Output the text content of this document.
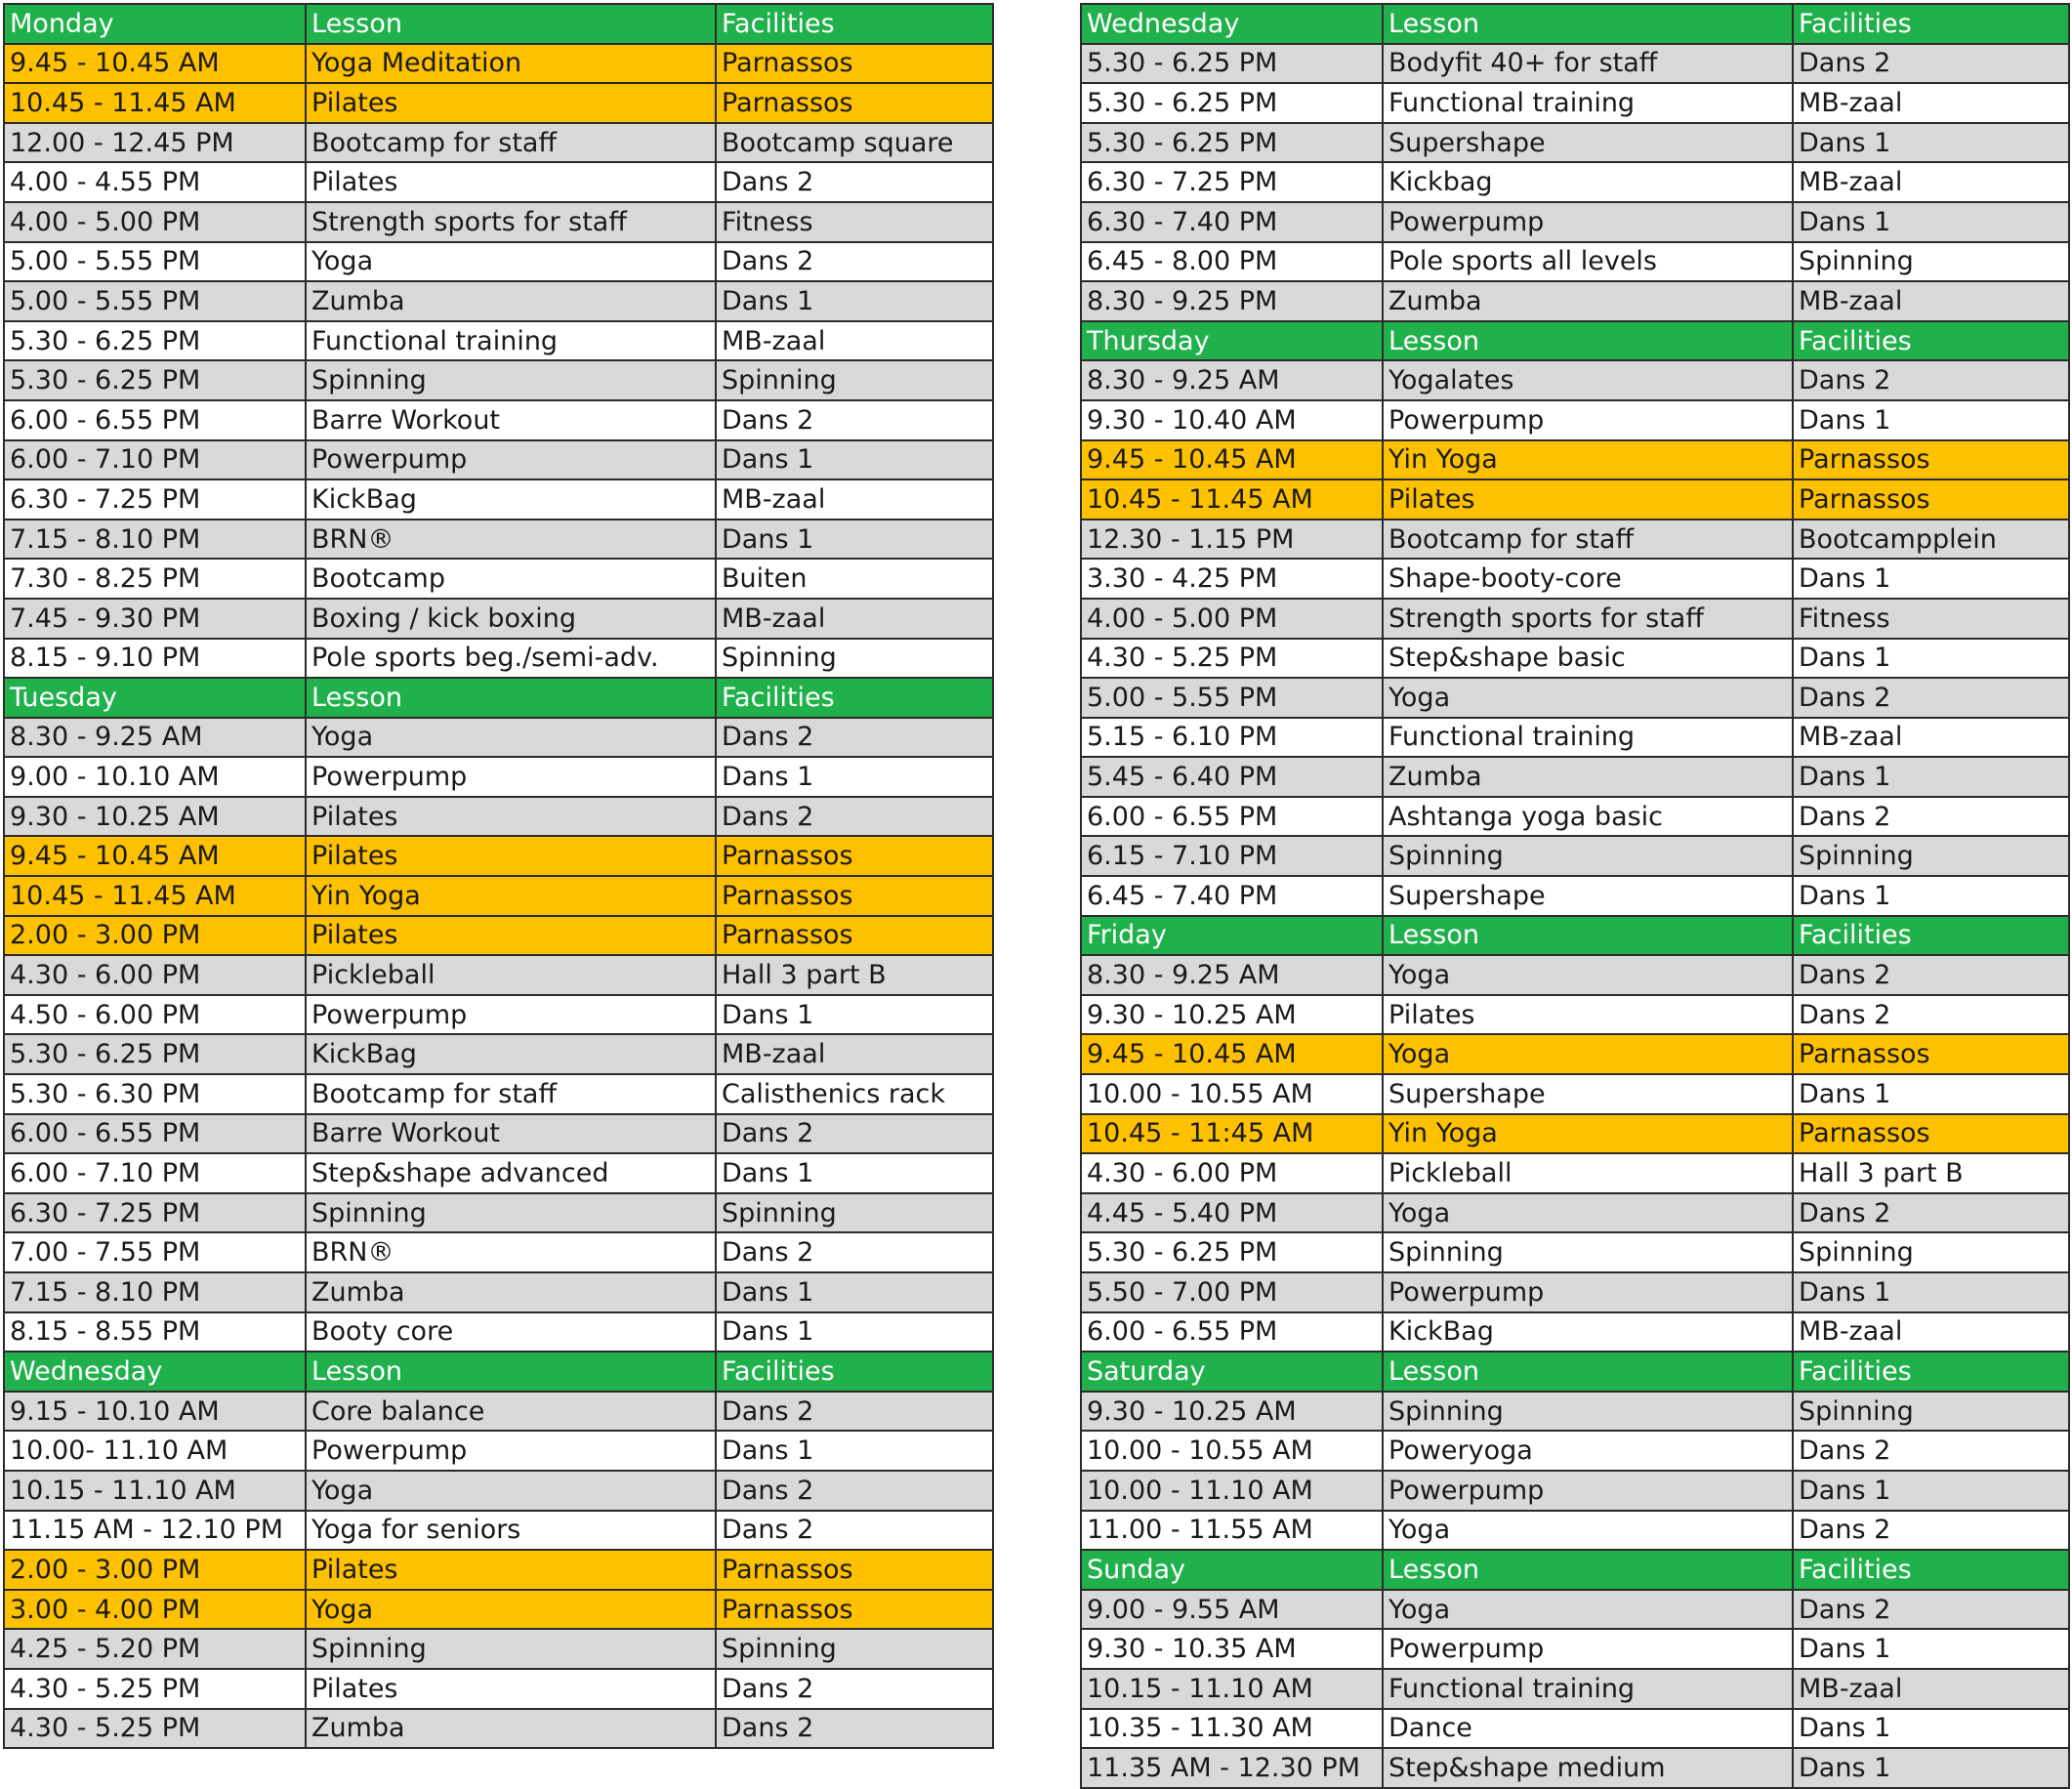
Monday	Lesson	Facilities
9.45 - 10.45 AM	Yoga Meditation	Parnassos
10.45 - 11.45 AM	Pilates	Parnassos
12.00 - 12.45 PM	Bootcamp for staff	Bootcamp square
4.00 - 4.55 PM	Pilates	Dans 2
4.00 - 5.00 PM	Strength sports for staff	Fitness
5.00 - 5.55 PM	Yoga	Dans 2
5.00 - 5.55 PM	Zumba	Dans 1
5.30 - 6.25 PM	Functional training	MB-zaal
5.30 - 6.25 PM	Spinning	Spinning
6.00 - 6.55 PM	Barre Workout	Dans 2
6.00 - 7.10 PM	Powerpump	Dans 1
6.30 - 7.25 PM	KickBag	MB-zaal
7.15 - 8.10 PM	BRN®	Dans 1
7.30 - 8.25 PM	Bootcamp	Buiten
7.45 - 9.30 PM	Boxing / kick boxing	MB-zaal
8.15 - 9.10 PM	Pole sports beg./semi-adv.	Spinning
Tuesday	Lesson	Facilities
8.30 - 9.25 AM	Yoga	Dans 2
9.00 - 10.10 AM	Powerpump	Dans 1
9.30 - 10.25 AM	Pilates	Dans 2
9.45 - 10.45 AM	Pilates	Parnassos
10.45 - 11.45 AM	Yin Yoga	Parnassos
2.00 - 3.00 PM	Pilates	Parnassos
4.30 - 6.00 PM	Pickleball	Hall 3 part B
4.50 - 6.00 PM	Powerpump	Dans 1
5.30 - 6.25 PM	KickBag	MB-zaal
5.30 - 6.30 PM	Bootcamp for staff	Calisthenics rack
6.00 - 6.55 PM	Barre Workout	Dans 2
6.00 - 7.10 PM	Step&shape advanced	Dans 1
6.30 - 7.25 PM	Spinning	Spinning
7.00 - 7.55 PM	BRN®	Dans 2
7.15 - 8.10 PM	Zumba	Dans 1
8.15 - 8.55 PM	Booty core	Dans 1
Wednesday	Lesson	Facilities
9.15 - 10.10 AM	Core balance	Dans 2
10.00- 11.10 AM	Powerpump	Dans 1
10.15 - 11.10 AM	Yoga	Dans 2
11.15 AM - 12.10 PM	Yoga for seniors	Dans 2
2.00 - 3.00 PM	Pilates	Parnassos
3.00 - 4.00 PM	Yoga	Parnassos
4.25 - 5.20 PM	Spinning	Spinning
4.30 - 5.25 PM	Pilates	Dans 2
4.30 - 5.25 PM	Zumba	Dans 2
Wednesday	Lesson	Facilities
5.30 - 6.25 PM	Bodyfit 40+ for staff	Dans 2
5.30 - 6.25 PM	Functional training	MB-zaal
5.30 - 6.25 PM	Supershape	Dans 1
6.30 - 7.25 PM	Kickbag	MB-zaal
6.30 - 7.40 PM	Powerpump	Dans 1
6.45 - 8.00 PM	Pole sports all levels	Spinning
8.30 - 9.25 PM	Zumba	MB-zaal
Thursday	Lesson	Facilities
8.30 - 9.25 AM	Yogalates	Dans 2
9.30 - 10.40 AM	Powerpump	Dans 1
9.45 - 10.45 AM	Yin Yoga	Parnassos
10.45 - 11.45 AM	Pilates	Parnassos
12.30 - 1.15 PM	Bootcamp for staff	Bootcampplein
3.30 - 4.25 PM	Shape-booty-core	Dans 1
4.00 - 5.00 PM	Strength sports for staff	Fitness
4.30 - 5.25 PM	Step&shape basic	Dans 1
5.00 - 5.55 PM	Yoga	Dans 2
5.15 - 6.10 PM	Functional training	MB-zaal
5.45 - 6.40 PM	Zumba	Dans 1
6.00 - 6.55 PM	Ashtanga yoga basic	Dans 2
6.15 - 7.10 PM	Spinning	Spinning
6.45 - 7.40 PM	Supershape	Dans 1
Friday	Lesson	Facilities
8.30 - 9.25 AM	Yoga	Dans 2
9.30 - 10.25 AM	Pilates	Dans 2
9.45 - 10.45 AM	Yoga	Parnassos
10.00 - 10.55 AM	Supershape	Dans 1
10.45 - 11:45 AM	Yin Yoga	Parnassos
4.30 - 6.00 PM	Pickleball	Hall 3 part B
4.45 - 5.40 PM	Yoga	Dans 2
5.30 - 6.25 PM	Spinning	Spinning
5.50 - 7.00 PM	Powerpump	Dans 1
6.00 - 6.55 PM	KickBag	MB-zaal
Saturday	Lesson	Facilities
9.30 - 10.25 AM	Spinning	Spinning
10.00 - 10.55 AM	Poweryoga	Dans 2
10.00 - 11.10 AM	Powerpump	Dans 1
11.00 - 11.55 AM	Yoga	Dans 2
Sunday	Lesson	Facilities
9.00 - 9.55 AM	Yoga	Dans 2
9.30 - 10.35 AM	Powerpump	Dans 1
10.15 - 11.10 AM	Functional training	MB-zaal
10.35 - 11.30 AM	Dance	Dans 1
11.35 AM - 12.30 PM	Step&shape medium	Dans 1
